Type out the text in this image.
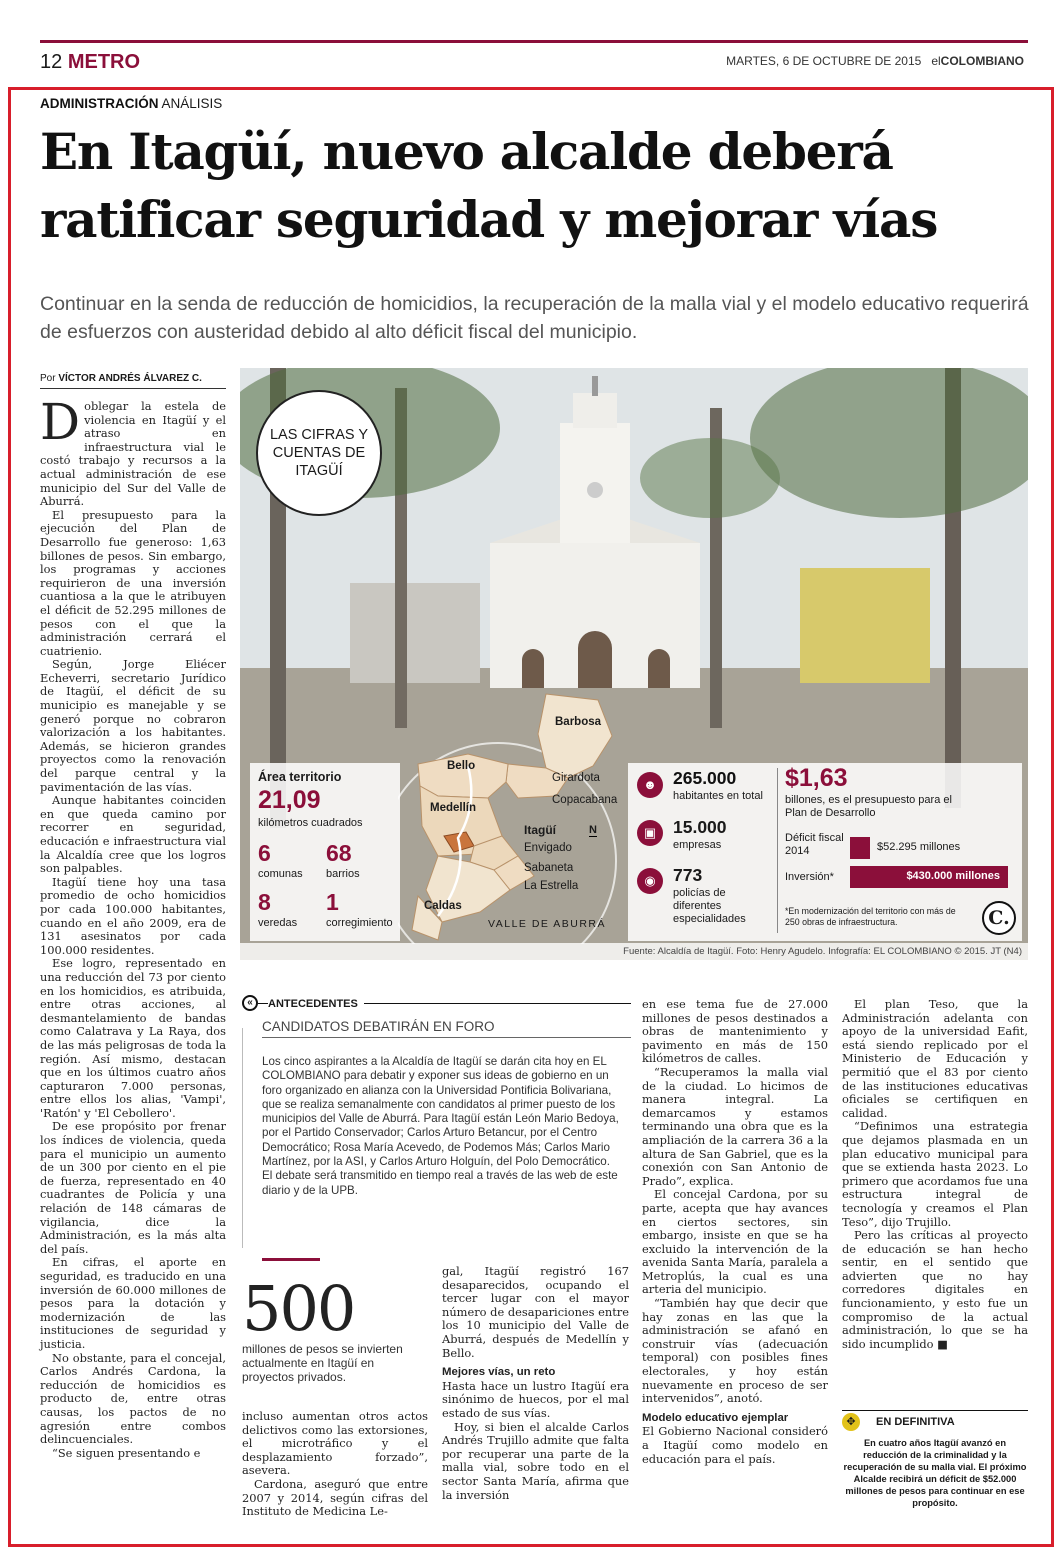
12 METRO	MARTES, 6 DE OCTUBRE DE 2015 elCOLOMBIANO
ADMINISTRACIÓN ANÁLISIS
En Itagüí, nuevo alcalde deberá ratificar seguridad y mejorar vías
Continuar en la senda de reducción de homicidios, la recuperación de la malla vial y el modelo educativo requerirá de esfuerzos con austeridad debido al alto déficit fiscal del municipio.
Por VÍCTOR ANDRÉS ÁLVAREZ C.

Doblegar la estela de violencia en Itagüí y el atraso en infraestructura vial le costó trabajo y recursos a la actual administración de ese municipio del Sur del Valle de Aburrá.

El presupuesto para la ejecución del Plan de Desarrollo fue generoso: 1,63 billones de pesos. Sin embargo, los programas y acciones requirieron de una inversión cuantiosa a la que le atribuyen el déficit de 52.295 millones de pesos con el que la administración cerrará el cuatrienio.

Según, Jorge Eliécer Echeverri, secretario Jurídico de Itagüí, el déficit de su municipio es manejable y se generó porque no cobraron valorización a los habitantes. Además, se hicieron grandes proyectos como la renovación del parque central y la pavimentación de las vías.

Aunque habitantes coinciden en que queda camino por recorrer en seguridad, educación e infraestructura vial la Alcaldía cree que los logros son palpables.

Itagüí tiene hoy una tasa promedio de ocho homicidios por cada 100.000 habitantes, cuando en el año 2009, era de 131 asesinatos por cada 100.000 residentes.

Ese logro, representado en una reducción del 73 por ciento en los homicidios, es atribuida, entre otras acciones, al desmantelamiento de bandas como Calatrava y La Raya, dos de las más peligrosas de toda la región. Así mismo, destacan que en los últimos cuatro años capturaron 7.000 personas, entre ellos los alias, 'Vampi', 'Ratón' y 'El Cebollero'.

De ese propósito por frenar los índices de violencia, queda para el municipio un aumento de un 300 por ciento en el pie de fuerza, representado en 40 cuadrantes de Policía y una relación de 148 cámaras de vigilancia, dice la Administración, es la más alta del país.

En cifras, el aporte en seguridad, es traducido en una inversión de 60.000 millones de pesos para la dotación y modernización de las instituciones de seguridad y justicia.

No obstante, para el concejal, Carlos Andrés Cardona, la reducción de homicidios es producto de, entre otras causas, los pactos de no agresión entre combos delincuenciales.

“Se siguen presentando e

LAS CIFRAS Y CUENTAS DE ITAGÜÍ
Área territorio
21,09
kilómetros cuadrados
6
comunas
68
barrios
8
veredas
1
corregimiento
Barbosa
Bello
Girardota
Copacabana
Medellín
Itagüí	N
Envigado
Sabaneta
La Estrella
Caldas
VALLE DE ABURRÁ
☻ 265.000
habitantes en total
▣ 15.000
empresas
◉ 773
policías de diferentes especialidades
$1,63
billones, es el presupuesto para el Plan de Desarrollo
Déficit fiscal 2014	$52.295 millones
Inversión*	$430.000 millones
*En modernización del territorio con más de 250 obras de infraestructura.	C.
Fuente: Alcaldía de Itagüí. Foto: Henry Agudelo. Infografía: EL COLOMBIANO © 2015. JT (N4)
«	ANTECEDENTES
CANDIDATOS DEBATIRÁN EN FORO
Los cinco aspirantes a la Alcaldía de Itagüí se darán cita hoy en EL COLOMBIANO para debatir y exponer sus ideas de gobierno en un foro organizado en alianza con la Universidad Pontificia Bolivariana, que se realiza semanalmente con candidatos al primer puesto de los municipios del Valle de Aburrá. Para Itagüí están León Mario Bedoya, por el Partido Conservador; Carlos Arturo Betancur, por el Centro Democrático; Rosa María Acevedo, de Podemos Más; Carlos Mario Martínez, por la ASI, y Carlos Arturo Holguín, del Polo Democrático. El debate será transmitido en tiempo real a través de las web de este diario y de la UPB.
500
millones de pesos se invierten actualmente en Itagüí en proyectos privados.

incluso aumentan otros actos delictivos como las extorsiones, el microtráfico y el desplazamiento forzado”, asevera.

Cardona, aseguró que entre 2007 y 2014, según cifras del Instituto de Medicina Le-

gal, Itagüí registró 167 desaparecidos, ocupando el tercer lugar con el mayor número de desapariciones entre los 10 municipio del Valle de Aburrá, después de Medellín y Bello.

Mejores vías, un reto

Hasta hace un lustro Itagüí era sinónimo de huecos, por el mal estado de sus vías.

Hoy, si bien el alcalde Carlos Andrés Trujillo admite que falta por recuperar una parte de la malla vial, sobre todo en el sector Santa María, afirma que la inversión

en ese tema fue de 27.000 millones de pesos destinados a obras de mantenimiento y pavimento en más de 150 kilómetros de calles.

“Recuperamos la malla vial de la ciudad. Lo hicimos de manera integral. La demarcamos y estamos terminando una obra que es la ampliación de la carrera 36 a la altura de San Gabriel, que es la conexión con San Antonio de Prado”, explica.

El concejal Cardona, por su parte, acepta que hay avances en ciertos sectores, sin embargo, insiste en que se ha excluido la intervención de la avenida Santa María, paralela a Metroplús, la cual es una arteria del municipio.

“También hay que decir que hay zonas en las que la administración se afanó en construir vías (adecuación temporal) con posibles fines electorales, y hoy están nuevamente en proceso de ser intervenidos”, anotó.

Modelo educativo ejemplar

El Gobierno Nacional consideró a Itagüí como modelo en educación para el país.

El plan Teso, que la Administración adelanta con apoyo de la universidad Eafit, está siendo replicado por el Ministerio de Educación y permitió que el 83 por ciento de las instituciones educativas oficiales se certifiquen en calidad.

“Definimos una estrategia que dejamos plasmada en un plan educativo municipal para que se extienda hasta 2023. Lo primero que acordamos fue una estructura integral de tecnología y creamos el Plan Teso”, dijo Trujillo.

Pero las críticas al proyecto de educación se han hecho sentir, en el sentido que advierten que no hay corredores digitales en funcionamiento, y esto fue un compromiso de la actual administración, lo que se ha sido incumplido ■

✥	EN DEFINITIVA
En cuatro años Itagüí avanzó en reducción de la criminalidad y la recuperación de su malla vial. El próximo Alcalde recibirá un déficit de $52.000 millones de pesos para continuar en ese propósito.
